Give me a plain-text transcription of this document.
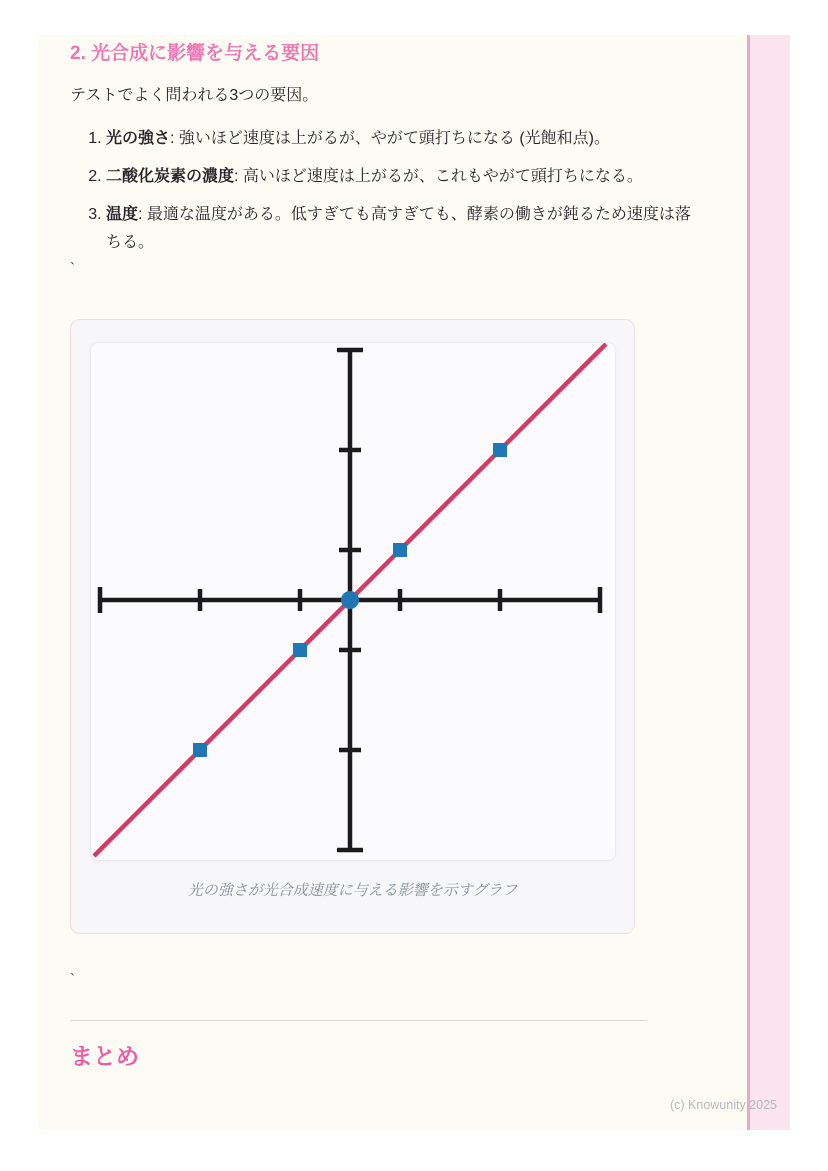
2. 光合成に影響を与える要因

テストでよく問われる3つの要因。

1. 光の強さ: 強いほど速度は上がるが、やがて頭打ちになる (光飽和点)。
2. 二酸化炭素の濃度: 高いほど速度は上がるが、これもやがて頭打ちになる。
3. 温度: 最適な温度がある。低すぎても高すぎても、酵素の働きが鈍るため速度は落ちる。
`
光の強さが光合成速度に与える影響を示すグラフ
`
まとめ
(c) Knowunity 2025
